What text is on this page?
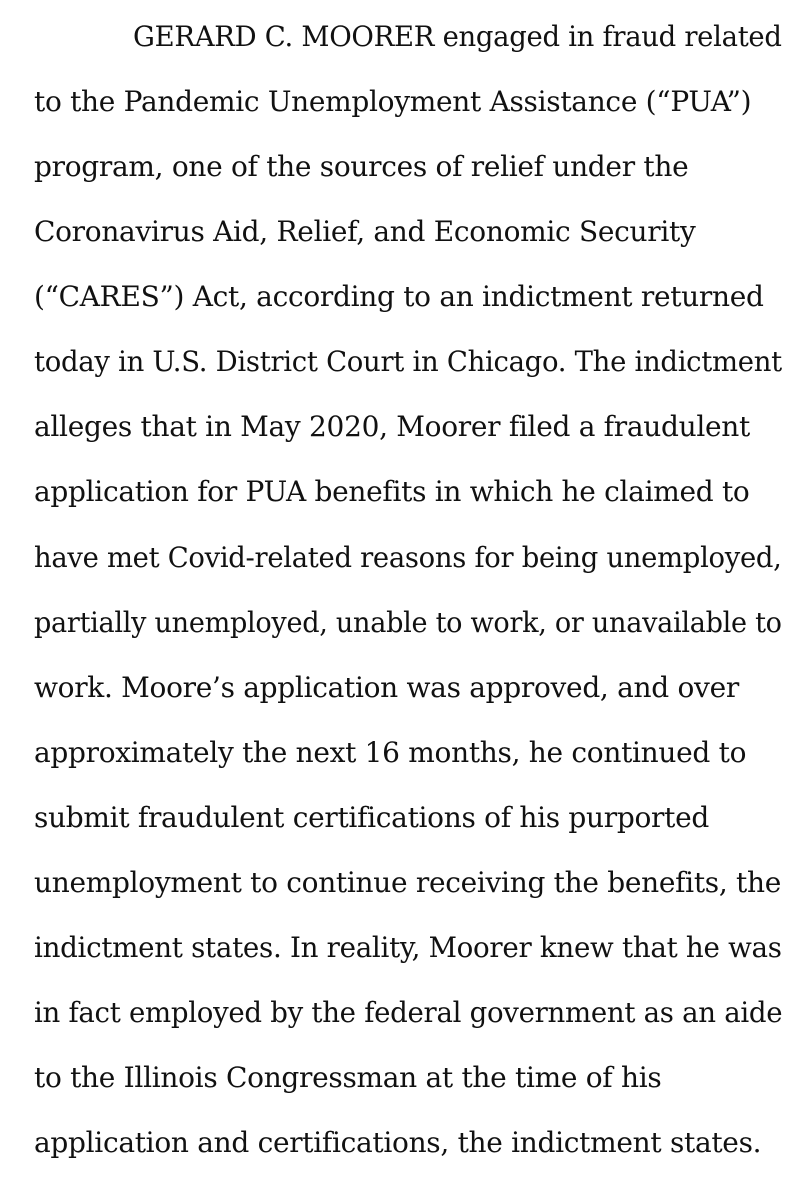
GERARD C. MOORER engaged in fraud related
to the Pandemic Unemployment Assistance (“PUA”)
program, one of the sources of relief under the
Coronavirus Aid, Relief, and Economic Security
(“CARES”) Act, according to an indictment returned
today in U.S. District Court in Chicago. The indictment
alleges that in May 2020, Moorer filed a fraudulent
application for PUA benefits in which he claimed to
have met Covid-related reasons for being unemployed,
partially unemployed, unable to work, or unavailable to
work. Moore’s application was approved, and over
approximately the next 16 months, he continued to
submit fraudulent certifications of his purported
unemployment to continue receiving the benefits, the
indictment states. In reality, Moorer knew that he was
in fact employed by the federal government as an aide
to the Illinois Congressman at the time of his
application and certifications, the indictment states.
